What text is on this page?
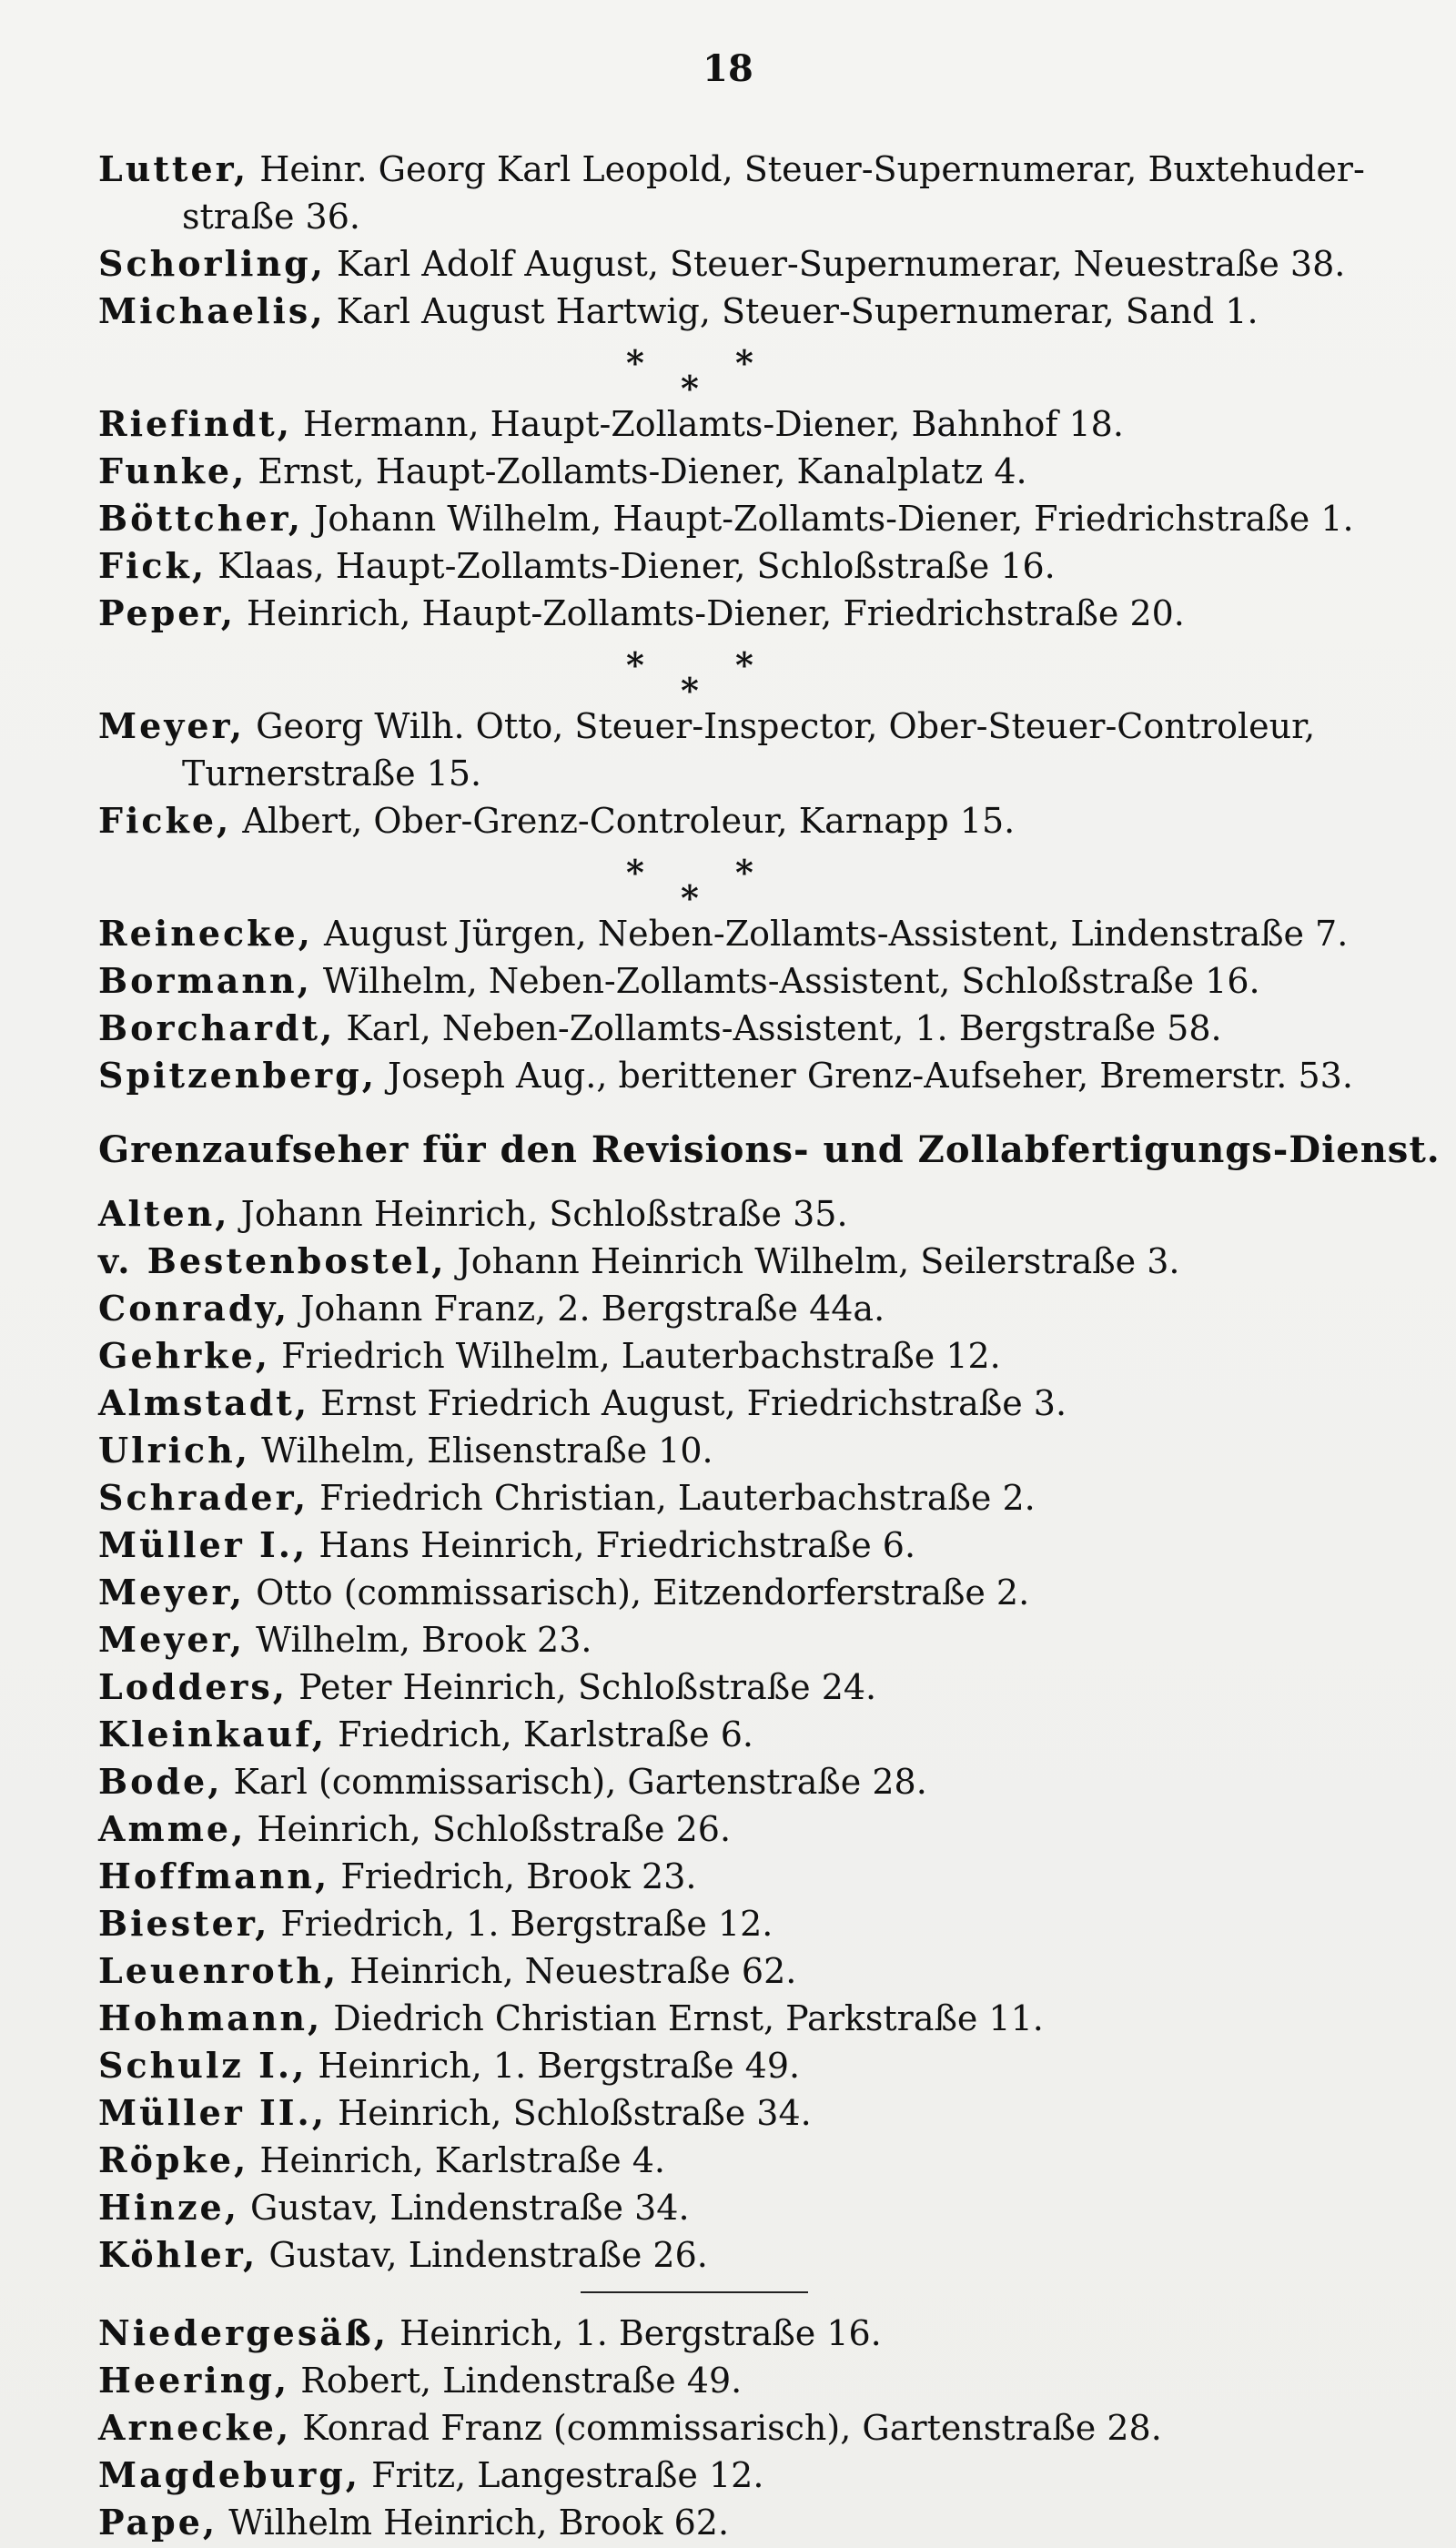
18
Lutter, Heinr. Georg Karl Leopold, Steuer-Supernumerar, Buxtehuder-
straße 36.
Schorling, Karl Adolf August, Steuer-Supernumerar, Neuestraße 38.
Michaelis, Karl August Hartwig, Steuer-Supernumerar, Sand 1.
*	*
*
Riefindt, Hermann, Haupt-Zollamts-Diener, Bahnhof 18.
Funke, Ernst, Haupt-Zollamts-Diener, Kanalplatz 4.
Böttcher, Johann Wilhelm, Haupt-Zollamts-Diener, Friedrichstraße 1.
Fick, Klaas, Haupt-Zollamts-Diener, Schloßstraße 16.
Peper, Heinrich, Haupt-Zollamts-Diener, Friedrichstraße 20.
*	*
*
Meyer, Georg Wilh. Otto, Steuer-Inspector, Ober-Steuer-Controleur,
Turnerstraße 15.
Ficke, Albert, Ober-Grenz-Controleur, Karnapp 15.
*	*
*
Reinecke, August Jürgen, Neben-Zollamts-Assistent, Lindenstraße 7.
Bormann, Wilhelm, Neben-Zollamts-Assistent, Schloßstraße 16.
Borchardt, Karl, Neben-Zollamts-Assistent, 1. Bergstraße 58.
Spitzenberg, Joseph Aug., berittener Grenz-Aufseher, Bremerstr. 53.
Grenzaufseher für den Revisions- und Zollabfertigungs-Dienst.
Alten, Johann Heinrich, Schloßstraße 35.
v. Bestenbostel, Johann Heinrich Wilhelm, Seilerstraße 3.
Conrady, Johann Franz, 2. Bergstraße 44a.
Gehrke, Friedrich Wilhelm, Lauterbachstraße 12.
Almstadt, Ernst Friedrich August, Friedrichstraße 3.
Ulrich, Wilhelm, Elisenstraße 10.
Schrader, Friedrich Christian, Lauterbachstraße 2.
Müller I., Hans Heinrich, Friedrichstraße 6.
Meyer, Otto (commissarisch), Eitzendorferstraße 2.
Meyer, Wilhelm, Brook 23.
Lodders, Peter Heinrich, Schloßstraße 24.
Kleinkauf, Friedrich, Karlstraße 6.
Bode, Karl (commissarisch), Gartenstraße 28.
Amme, Heinrich, Schloßstraße 26.
Hoffmann, Friedrich, Brook 23.
Biester, Friedrich, 1. Bergstraße 12.
Leuenroth, Heinrich, Neuestraße 62.
Hohmann, Diedrich Christian Ernst, Parkstraße 11.
Schulz I., Heinrich, 1. Bergstraße 49.
Müller II., Heinrich, Schloßstraße 34.
Röpke, Heinrich, Karlstraße 4.
Hinze, Gustav, Lindenstraße 34.
Köhler, Gustav, Lindenstraße 26.
Niedergesäß, Heinrich, 1. Bergstraße 16.
Heering, Robert, Lindenstraße 49.
Arnecke, Konrad Franz (commissarisch), Gartenstraße 28.
Magdeburg, Fritz, Langestraße 12.
Pape, Wilhelm Heinrich, Brook 62.
